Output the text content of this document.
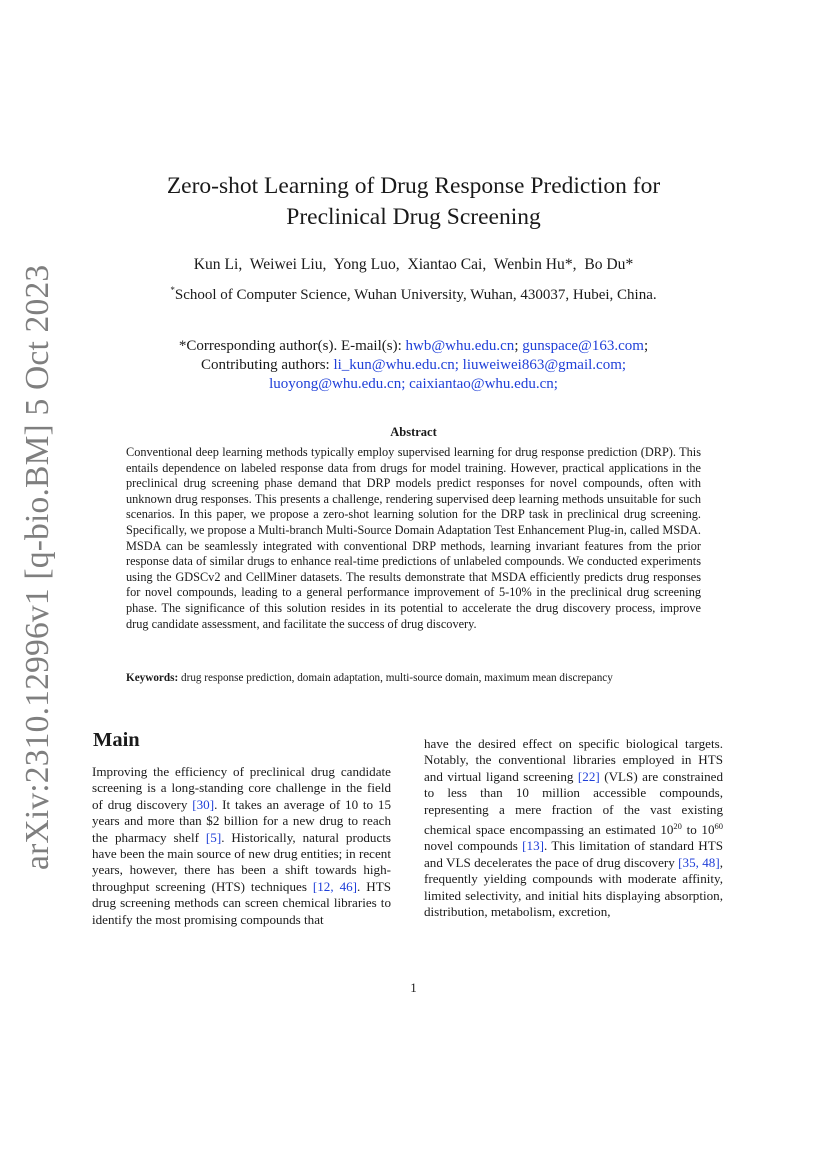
arXiv:2310.12996v1 [q-bio.BM] 5 Oct 2023
Zero-shot Learning of Drug Response Prediction for
Preclinical Drug Screening
Kun Li,  Weiwei Liu,  Yong Luo,  Xiantao Cai,  Wenbin Hu*,  Bo Du*
*School of Computer Science, Wuhan University, Wuhan, 430037, Hubei, China.
*Corresponding author(s). E-mail(s): hwb@whu.edu.cn; gunspace@163.com;
Contributing authors: li_kun@whu.edu.cn; liuweiwei863@gmail.com;
luoyong@whu.edu.cn; caixiantao@whu.edu.cn;
Abstract
Conventional deep learning methods typically employ supervised learning for drug response prediction (DRP). This entails dependence on labeled response data from drugs for model training. However, practical applications in the preclinical drug screening phase demand that DRP models predict responses for novel compounds, often with unknown drug responses. This presents a challenge, rendering supervised deep learning methods unsuitable for such scenarios. In this paper, we propose a zero-shot learning solution for the DRP task in preclinical drug screening. Specifically, we propose a Multi-branch Multi-Source Domain Adaptation Test Enhancement Plug-in, called MSDA. MSDA can be seamlessly integrated with conventional DRP methods, learning invariant features from the prior response data of similar drugs to enhance real-time predictions of unlabeled compounds. We conducted experiments using the GDSCv2 and CellMiner datasets. The results demonstrate that MSDA efficiently predicts drug responses for novel compounds, leading to a general performance improvement of 5-10% in the preclinical drug screening phase. The significance of this solution resides in its potential to accelerate the drug discovery process, improve drug candidate assessment, and facilitate the success of drug discovery.
Keywords: drug response prediction, domain adaptation, multi-source domain, maximum mean discrepancy
Main
Improving the efficiency of preclinical drug candidate screening is a long-standing core challenge in the field of drug discovery [30]. It takes an average of 10 to 15 years and more than $2 billion for a new drug to reach the pharmacy shelf [5]. Historically, natural products have been the main source of new drug entities; in recent years, however, there has been a shift towards high-throughput screening (HTS) techniques [12, 46]. HTS drug screening methods can screen chemical libraries to identify the most promising compounds that
have the desired effect on specific biological targets. Notably, the conventional libraries employed in HTS and virtual ligand screening [22] (VLS) are constrained to less than 10 million accessible compounds, representing a mere fraction of the vast existing chemical space encompassing an estimated $10^{20}$ to $10^{60}$ novel compounds [13]. This limitation of standard HTS and VLS decelerates the pace of drug discovery [35, 48], frequently yielding compounds with moderate affinity, limited selectivity, and initial hits displaying absorption, distribution, metabolism, excretion,
1
